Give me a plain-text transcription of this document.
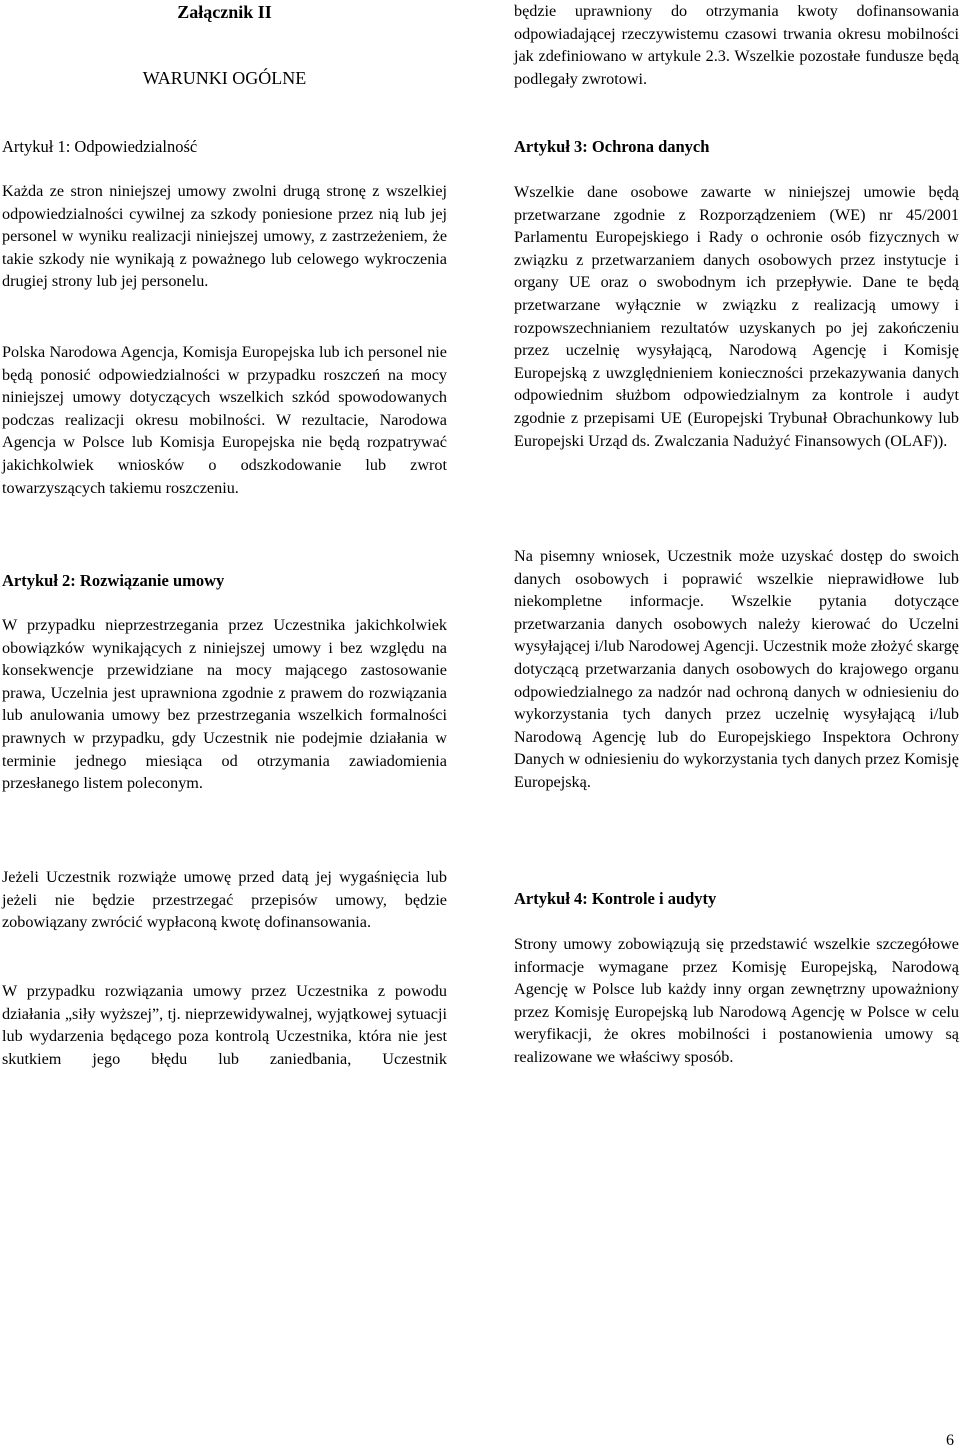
Załącznik II
WARUNKI OGÓLNE
Artykuł 1: Odpowiedzialność

Każda ze stron niniejszej umowy zwolni drugą stronę z wszelkiej odpowiedzialności cywilnej za szkody poniesione przez nią lub jej personel w wyniku realizacji niniejszej umowy, z zastrzeżeniem, że takie szkody nie wynikają z poważnego lub celowego wykroczenia drugiej strony lub jej personelu.

Polska Narodowa Agencja, Komisja Europejska lub ich personel nie będą ponosić odpowiedzialności w przypadku roszczeń na mocy niniejszej umowy dotyczących wszelkich szkód spowodowanych podczas realizacji okresu mobilności. W rezultacie, Narodowa Agencja w Polsce lub Komisja Europejska nie będą rozpatrywać jakichkolwiek wniosków o odszkodowanie lub zwrot towarzyszących takiemu roszczeniu.

Artykuł 2: Rozwiązanie umowy

W przypadku nieprzestrzegania przez Uczestnika jakichkolwiek obowiązków wynikających z niniejszej umowy i bez względu na konsekwencje przewidziane na mocy mającego zastosowanie prawa, Uczelnia jest uprawniona zgodnie z prawem do rozwiązania lub anulowania umowy bez przestrzegania wszelkich formalności prawnych w przypadku, gdy Uczestnik nie podejmie działania w terminie jednego miesiąca od otrzymania zawiadomienia przesłanego listem poleconym.

Jeżeli Uczestnik rozwiąże umowę przed datą jej wygaśnięcia lub jeżeli nie będzie przestrzegać przepisów umowy, będzie zobowiązany zwrócić wypłaconą kwotę dofinansowania.

W przypadku rozwiązania umowy przez Uczestnika z powodu działania „siły wyższej”, tj. nieprzewidywalnej, wyjątkowej sytuacji lub wydarzenia będącego poza kontrolą Uczestnika, która nie jest skutkiem jego błędu lub zaniedbania, Uczestnik

będzie uprawniony do otrzymania kwoty dofinansowania odpowiadającej rzeczywistemu czasowi trwania okresu mobilności jak zdefiniowano w artykule 2.3. Wszelkie pozostałe fundusze będą podlegały zwrotowi.

Artykuł 3: Ochrona danych

Wszelkie dane osobowe zawarte w niniejszej umowie będą przetwarzane zgodnie z Rozporządzeniem (WE) nr 45/2001 Parlamentu Europejskiego i Rady o ochronie osób fizycznych w związku z przetwarzaniem danych osobowych przez instytucje i organy UE oraz o swobodnym ich przepływie. Dane te będą przetwarzane wyłącznie w związku z realizacją umowy i rozpowszechnianiem rezultatów uzyskanych po jej zakończeniu przez uczelnię wysyłającą, Narodową Agencję i Komisję Europejską z uwzględnieniem konieczności przekazywania danych odpowiednim służbom odpowiedzialnym za kontrole i audyt zgodnie z przepisami UE (Europejski Trybunał Obrachunkowy lub Europejski Urząd ds. Zwalczania Nadużyć Finansowych (OLAF)).

Na pisemny wniosek, Uczestnik może uzyskać dostęp do swoich danych osobowych i poprawić wszelkie nieprawidłowe lub niekompletne informacje. Wszelkie pytania dotyczące przetwarzania danych osobowych należy kierować do Uczelni wysyłającej i/lub Narodowej Agencji. Uczestnik może złożyć skargę dotyczącą przetwarzania danych osobowych do krajowego organu odpowiedzialnego za nadzór nad ochroną danych w odniesieniu do wykorzystania tych danych przez uczelnię wysyłającą i/lub Narodową Agencję lub do Europejskiego Inspektora Ochrony Danych w odniesieniu do wykorzystania tych danych przez Komisję Europejską.

Artykuł 4: Kontrole i audyty

Strony umowy zobowiązują się przedstawić wszelkie szczegółowe informacje wymagane przez Komisję Europejską, Narodową Agencję w Polsce lub każdy inny organ zewnętrzny upoważniony przez Komisję Europejską lub Narodową Agencję w Polsce w celu weryfikacji, że okres mobilności i postanowienia umowy są realizowane we właściwy sposób.

6
